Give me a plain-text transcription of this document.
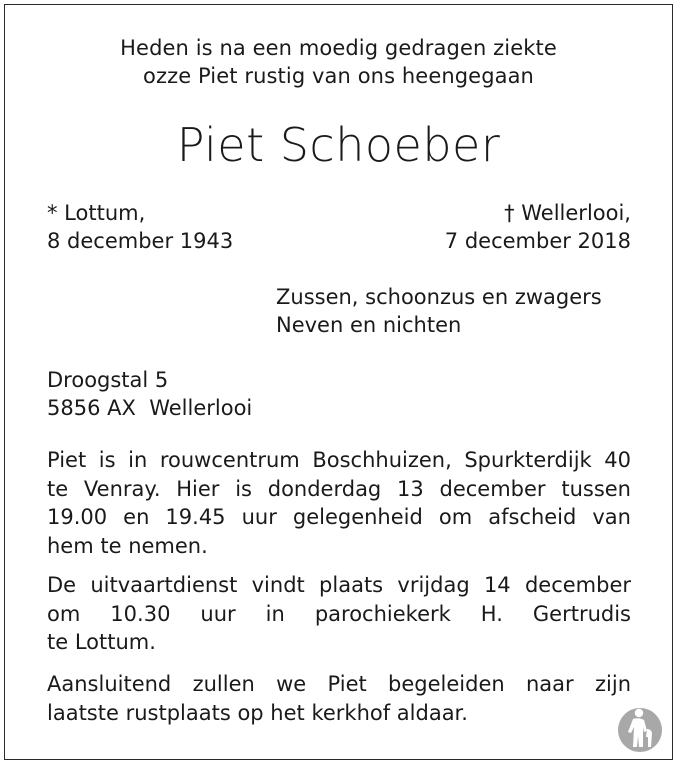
Heden is na een moedig gedragen ziekte
ozze Piet rustig van ons heengegaan
Piet Schoeber
* Lottum,
8 december 1943
† Wellerlooi,
7 december 2018
Zussen, schoonzus en zwagers
Neven en nichten
Droogstal 5
5856 AX  Wellerlooi
Piet is in rouwcentrum Boschhuizen, Spurkterdijk 40
te Venray. Hier is donderdag 13 december tussen
19.00 en 19.45 uur gelegenheid om afscheid van
hem te nemen.
De uitvaartdienst vindt plaats vrijdag 14 december
om 10.30 uur in parochiekerk H. Gertrudis
te Lottum.
Aansluitend zullen we Piet begeleiden naar zijn
laatste rustplaats op het kerkhof aldaar.
